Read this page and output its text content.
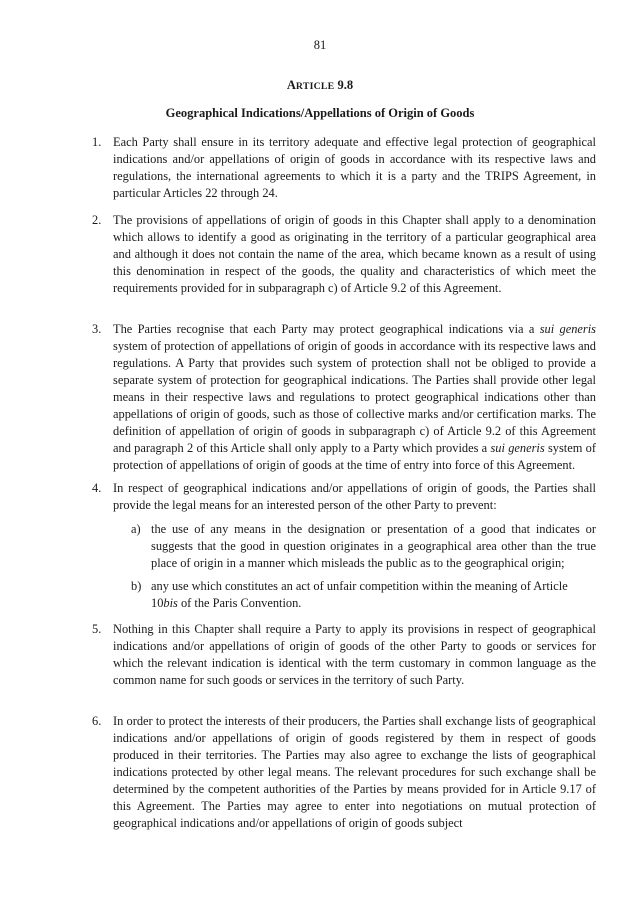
81
ARTICLE 9.8
Geographical Indications/Appellations of Origin of Goods
1. Each Party shall ensure in its territory adequate and effective legal protection of geographical indications and/or appellations of origin of goods in accordance with its respective laws and regulations, the international agreements to which it is a party and the TRIPS Agreement, in particular Articles 22 through 24.
2. The provisions of appellations of origin of goods in this Chapter shall apply to a denomination which allows to identify a good as originating in the territory of a particular geographical area and although it does not contain the name of the area, which became known as a result of using this denomination in respect of the goods, the quality and characteristics of which meet the requirements provided for in subparagraph c) of Article 9.2 of this Agreement.
3. The Parties recognise that each Party may protect geographical indications via a sui generis system of protection of appellations of origin of goods in accordance with its respective laws and regulations. A Party that provides such system of protection shall not be obliged to provide a separate system of protection for geographical indications. The Parties shall provide other legal means in their respective laws and regulations to protect geographical indications other than appellations of origin of goods, such as those of collective marks and/or certification marks. The definition of appellation of origin of goods in subparagraph c) of Article 9.2 of this Agreement and paragraph 2 of this Article shall only apply to a Party which provides a sui generis system of protection of appellations of origin of goods at the time of entry into force of this Agreement.
4. In respect of geographical indications and/or appellations of origin of goods, the Parties shall provide the legal means for an interested person of the other Party to prevent:
a) the use of any means in the designation or presentation of a good that indicates or suggests that the good in question originates in a geographical area other than the true place of origin in a manner which misleads the public as to the geographical origin;
b) any use which constitutes an act of unfair competition within the meaning of Article
10bis of the Paris Convention.
5. Nothing in this Chapter shall require a Party to apply its provisions in respect of geographical indications and/or appellations of origin of goods of the other Party to goods or services for which the relevant indication is identical with the term customary in common language as the common name for such goods or services in the territory of such Party.
6. In order to protect the interests of their producers, the Parties shall exchange lists of geographical indications and/or appellations of origin of goods registered by them in respect of goods produced in their territories. The Parties may also agree to exchange the lists of geographical indications protected by other legal means. The relevant procedures for such exchange shall be determined by the competent authorities of the Parties by means provided for in Article 9.17 of this Agreement. The Parties may agree to enter into negotiations on mutual protection of geographical indications and/or appellations of origin of goods subject
